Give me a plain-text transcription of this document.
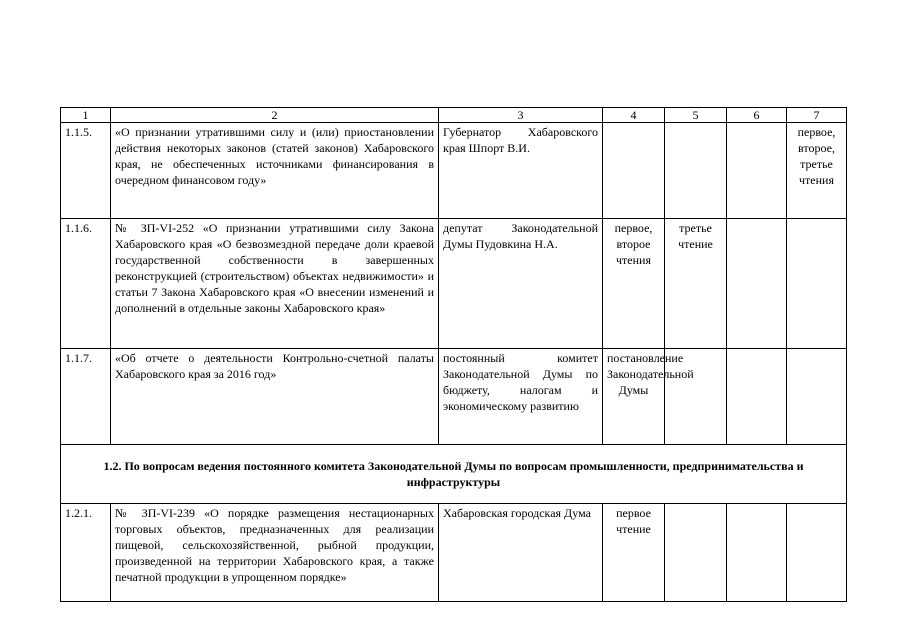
1	2	3	4	5	6	7
1.1.5.	«О признании утратившими силу и (или) приостановлении действия некоторых законов (статей законов) Хабаровского края, не обеспеченных источниками финансирования в очередном финансовом году»	Губернатор Хабаровского края Шпорт В.И.				первое, второе, третье чтения
1.1.6.	№ ЗП-VI-252 «О признании утратившими силу Закона Хабаровского края «О безвозмездной передаче доли краевой государственной собственности в завершенных реконструкцией (строительством) объектах недвижимости» и статьи 7 Закона Хабаровского края «О внесении изменений и дополнений в отдельные законы Хабаровского края»	депутат Законодательной Думы Пудовкина Н.А.	первое, второе чтения	третье чтение		
1.1.7.	«Об отчете о деятельности Контрольно-счетной палаты Хабаровского края за 2016 год»	постоянный комитет Законодательной Думы по бюджету, налогам и экономическому развитию	постановление Законодательной Думы			
1.2. По вопросам ведения постоянного комитета Законодательной Думы по вопросам промышленности, предпринимательства и инфраструктуры						
1.2.1.	№ ЗП-VI-239 «О порядке размещения нестационарных торговых объектов, предназначенных для реализации пищевой, сельскохозяйственной, рыбной продукции, произведенной на территории Хабаровского края, а также печатной продукции в упрощенном порядке»	Хабаровская городская Дума	первое чтение			
